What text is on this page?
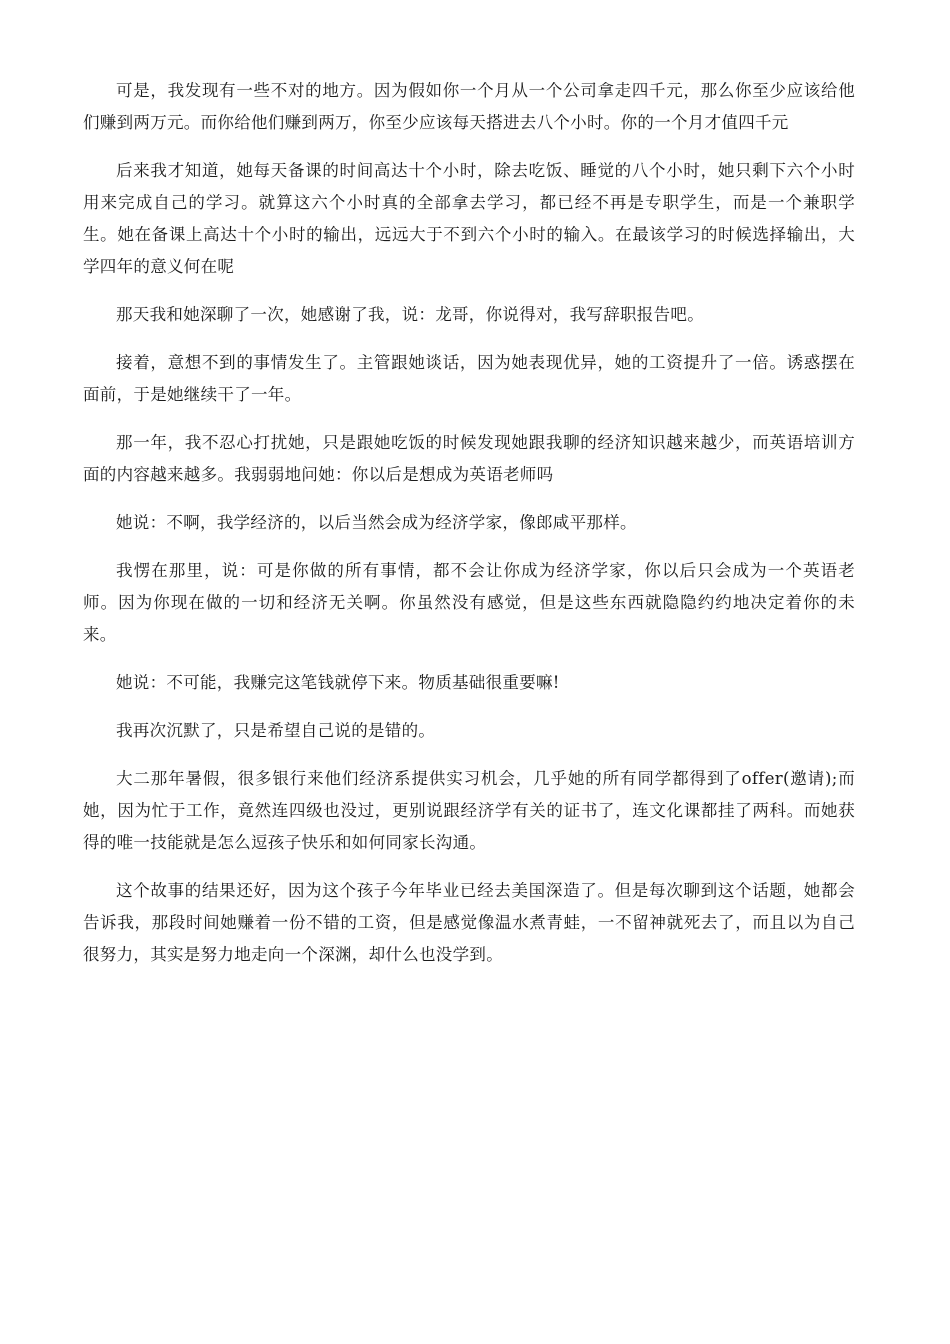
可是，我发现有一些不对的地方。因为假如你一个月从一个公司拿走四千元，那么你至少应该给他们赚到两万元。而你给他们赚到两万，你至少应该每天搭进去八个小时。你的一个月才值四千元

后来我才知道，她每天备课的时间高达十个小时，除去吃饭、睡觉的八个小时，她只剩下六个小时用来完成自己的学习。就算这六个小时真的全部拿去学习，都已经不再是专职学生，而是一个兼职学生。她在备课上高达十个小时的输出，远远大于不到六个小时的输入。在最该学习的时候选择输出，大学四年的意义何在呢

那天我和她深聊了一次，她感谢了我，说：龙哥，你说得对，我写辞职报告吧。

接着，意想不到的事情发生了。主管跟她谈话，因为她表现优异，她的工资提升了一倍。诱惑摆在面前，于是她继续干了一年。

那一年，我不忍心打扰她，只是跟她吃饭的时候发现她跟我聊的经济知识越来越少，而英语培训方面的内容越来越多。我弱弱地问她：你以后是想成为英语老师吗

她说：不啊，我学经济的，以后当然会成为经济学家，像郎咸平那样。

我愣在那里，说：可是你做的所有事情，都不会让你成为经济学家，你以后只会成为一个英语老师。因为你现在做的一切和经济无关啊。你虽然没有感觉，但是这些东西就隐隐约约地决定着你的未来。

她说：不可能，我赚完这笔钱就停下来。物质基础很重要嘛!

我再次沉默了，只是希望自己说的是错的。

大二那年暑假，很多银行来他们经济系提供实习机会，几乎她的所有同学都得到了offer(邀请);而她，因为忙于工作，竟然连四级也没过，更别说跟经济学有关的证书了，连文化课都挂了两科。而她获得的唯一技能就是怎么逗孩子快乐和如何同家长沟通。

这个故事的结果还好，因为这个孩子今年毕业已经去美国深造了。但是每次聊到这个话题，她都会告诉我，那段时间她赚着一份不错的工资，但是感觉像温水煮青蛙，一不留神就死去了，而且以为自己很努力，其实是努力地走向一个深渊，却什么也没学到。
